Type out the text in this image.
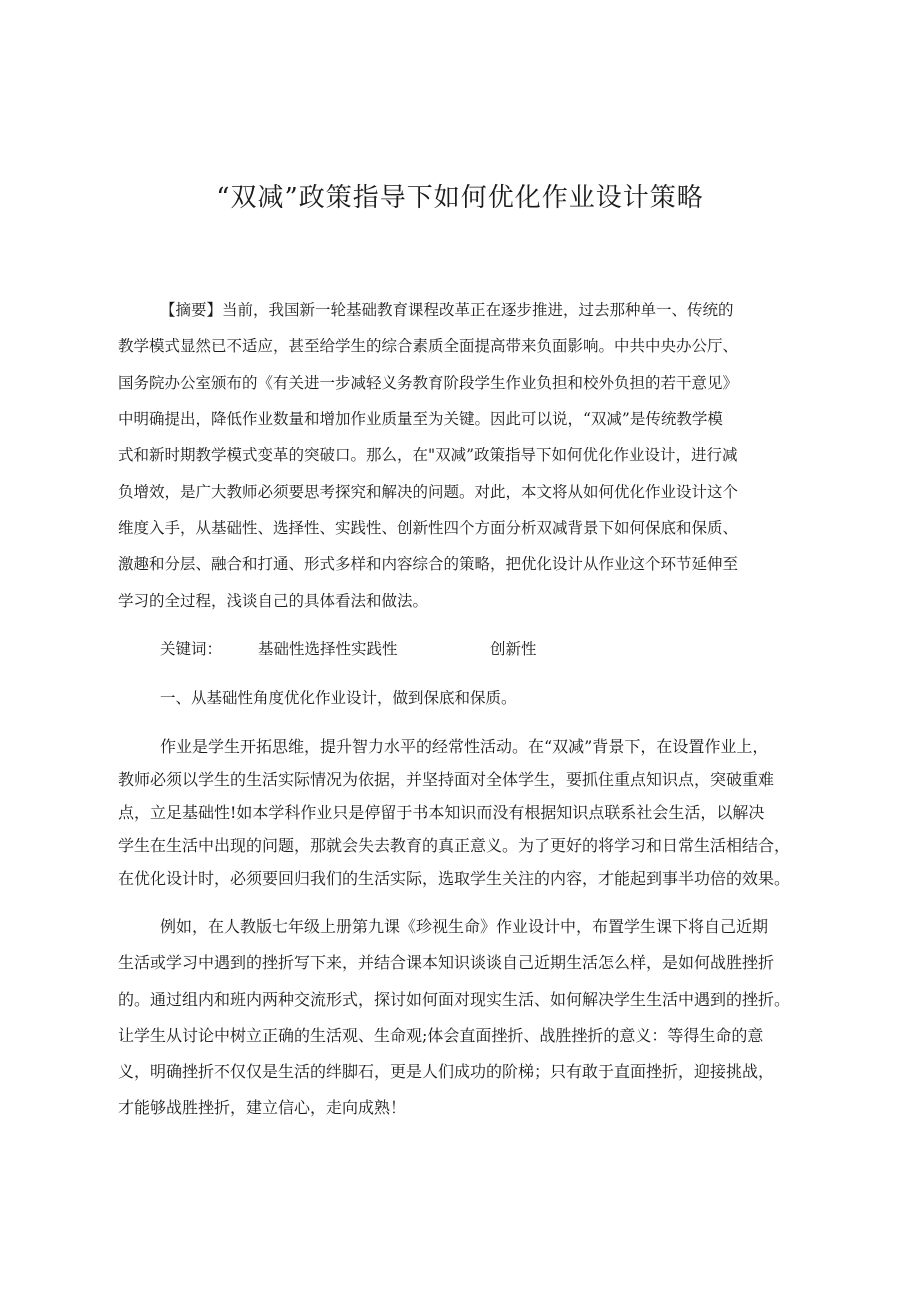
“双减”政策指导下如何优化作业设计策略
【摘要】当前，我国新一轮基础教育课程改革正在逐步推进，过去那种单一、传统的
教学模式显然已不适应，甚至给学生的综合素质全面提高带来负面影响。中共中央办公厅、
国务院办公室颁布的《有关进一步减轻义务教育阶段学生作业负担和校外负担的若干意见》
中明确提出，降低作业数量和增加作业质量至为关键。因此可以说，“双减”是传统教学模
式和新时期教学模式变革的突破口。那么，在"双减”政策指导下如何优化作业设计，进行减
负增效，是广大教师必须要思考探究和解决的问题。对此，本文将从如何优化作业设计这个
维度入手，从基础性、选择性、实践性、创新性四个方面分析双减背景下如何保底和保质、
激趣和分层、融合和打通、形式多样和内容综合的策略，把优化设计从作业这个环节延伸至
学习的全过程，浅谈自己的具体看法和做法。
关键词： 基础性选择性实践性	创新性
一、从基础性角度优化作业设计，做到保底和保质。
作业是学生开拓思维，提升智力水平的经常性活动。在“双减”背景下，在设置作业上，
教师必须以学生的生活实际情况为依据，并坚持面对全体学生，要抓住重点知识点，突破重难
点，立足基础性!如本学科作业只是停留于书本知识而没有根据知识点联系社会生活，以解决
学生在生活中出现的问题，那就会失去教育的真正意义。为了更好的将学习和日常生活相结合，
在优化设计时，必须要回归我们的生活实际，选取学生关注的内容，才能起到事半功倍的效果。
例如，在人教版七年级上册第九课《珍视生命》作业设计中，布置学生课下将自己近期
生活或学习中遇到的挫折写下来，并结合课本知识谈谈自己近期生活怎么样，是如何战胜挫折
的。通过组内和班内两种交流形式，探讨如何面对现实生活、如何解决学生生活中遇到的挫折。
让学生从讨论中树立正确的生活观、生命观;体会直面挫折、战胜挫折的意义：等得生命的意
义，明确挫折不仅仅是生活的绊脚石，更是人们成功的阶梯；只有敢于直面挫折，迎接挑战，
才能够战胜挫折，建立信心，走向成熟！
